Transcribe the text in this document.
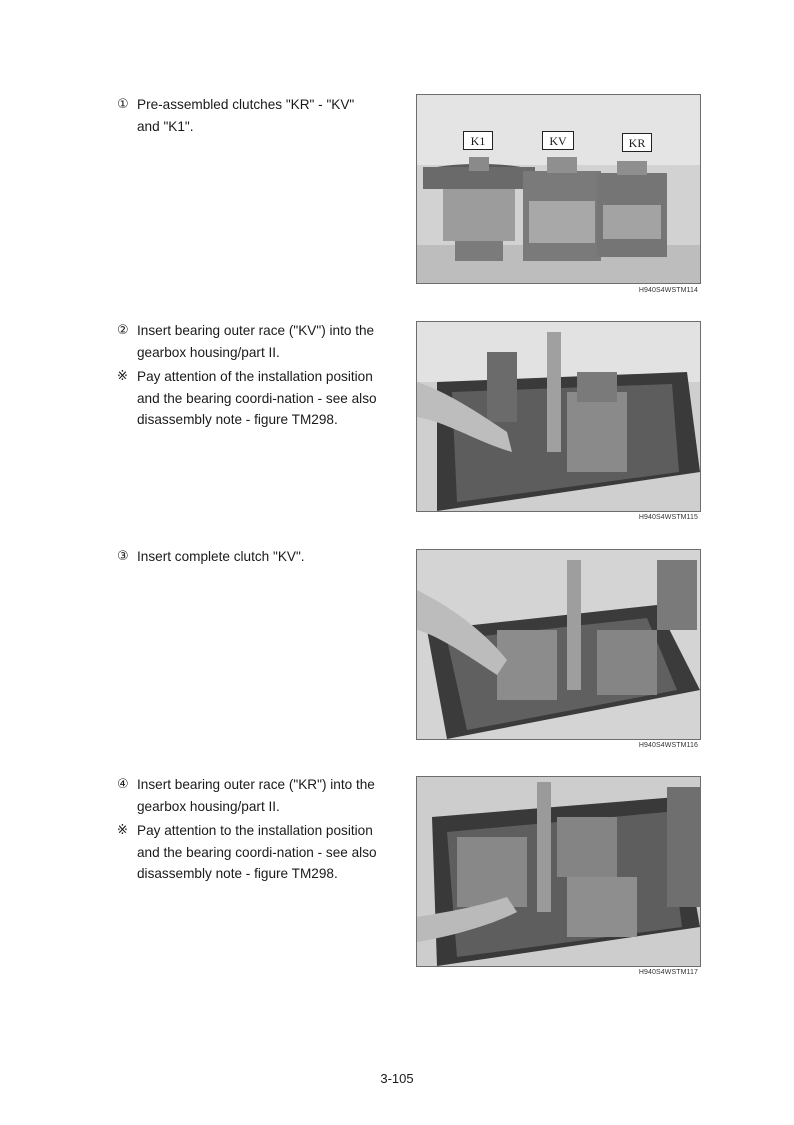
① Pre-assembled clutches "KR" - "KV" and "K1".

K1	KV	KR
H940S4WSTM114

② Insert bearing outer race ("KV") into the gearbox housing/part II.

※ Pay attention of the installation position and the bearing coordi-nation - see also disassembly note - figure TM298.

H940S4WSTM115

③ Insert complete clutch "KV".

H940S4WSTM116

④ Insert bearing outer race ("KR") into the gearbox housing/part II.

※ Pay attention to the installation position and the bearing coordi-nation - see also disassembly note - figure TM298.

H940S4WSTM117
3-105
